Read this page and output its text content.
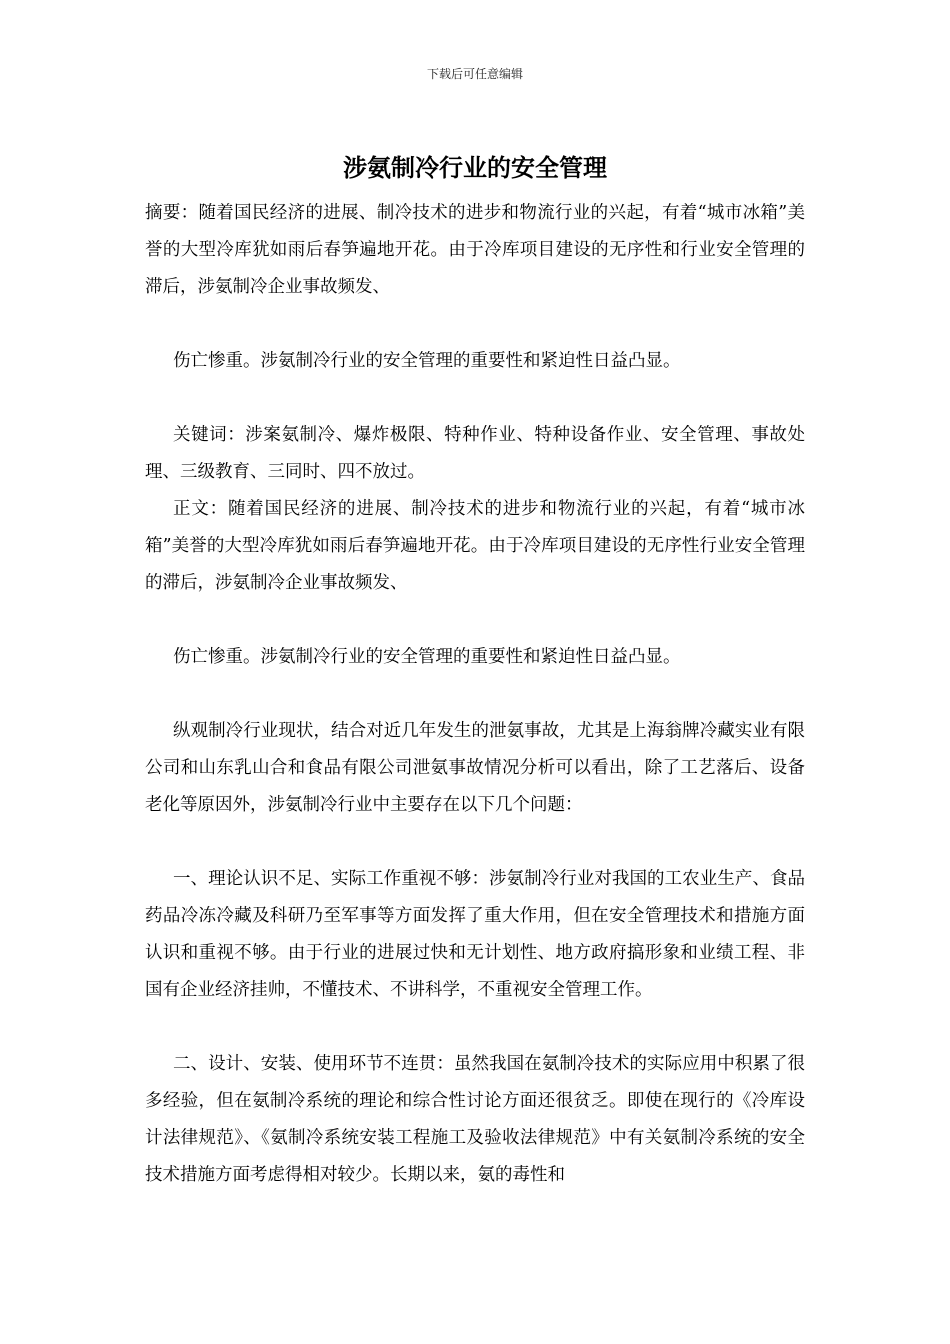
下载后可任意编辑
涉氨制冷行业的安全管理

摘要：随着国民经济的进展、制冷技术的进步和物流行业的兴起，有着“城市冰箱”美誉的大型冷库犹如雨后春笋遍地开花。由于冷库项目建设的无序性和行业安全管理的滞后，涉氨制冷企业事故频发、

伤亡惨重。涉氨制冷行业的安全管理的重要性和紧迫性日益凸显。

关键词：涉案氨制冷、爆炸极限、特种作业、特种设备作业、安全管理、事故处理、三级教育、三同时、四不放过。

正文：随着国民经济的进展、制冷技术的进步和物流行业的兴起，有着“城市冰箱”美誉的大型冷库犹如雨后春笋遍地开花。由于冷库项目建设的无序性行业安全管理的滞后，涉氨制冷企业事故频发、

伤亡惨重。涉氨制冷行业的安全管理的重要性和紧迫性日益凸显。

纵观制冷行业现状，结合对近几年发生的泄氨事故，尤其是上海翁牌冷藏实业有限公司和山东乳山合和食品有限公司泄氨事故情况分析可以看出，除了工艺落后、设备老化等原因外，涉氨制冷行业中主要存在以下几个问题：

一、理论认识不足、实际工作重视不够：涉氨制冷行业对我国的工农业生产、食品药品冷冻冷藏及科研乃至军事等方面发挥了重大作用，但在安全管理技术和措施方面认识和重视不够。由于行业的进展过快和无计划性、地方政府搞形象和业绩工程、非国有企业经济挂帅，不懂技术、不讲科学，不重视安全管理工作。

二、设计、安装、使用环节不连贯：虽然我国在氨制冷技术的实际应用中积累了很多经验，但在氨制冷系统的理论和综合性讨论方面还很贫乏。即使在现行的《冷库设计法律规范》、《氨制冷系统安装工程施工及验收法律规范》中有关氨制冷系统的安全技术措施方面考虑得相对较少。长期以来，氨的毒性和
